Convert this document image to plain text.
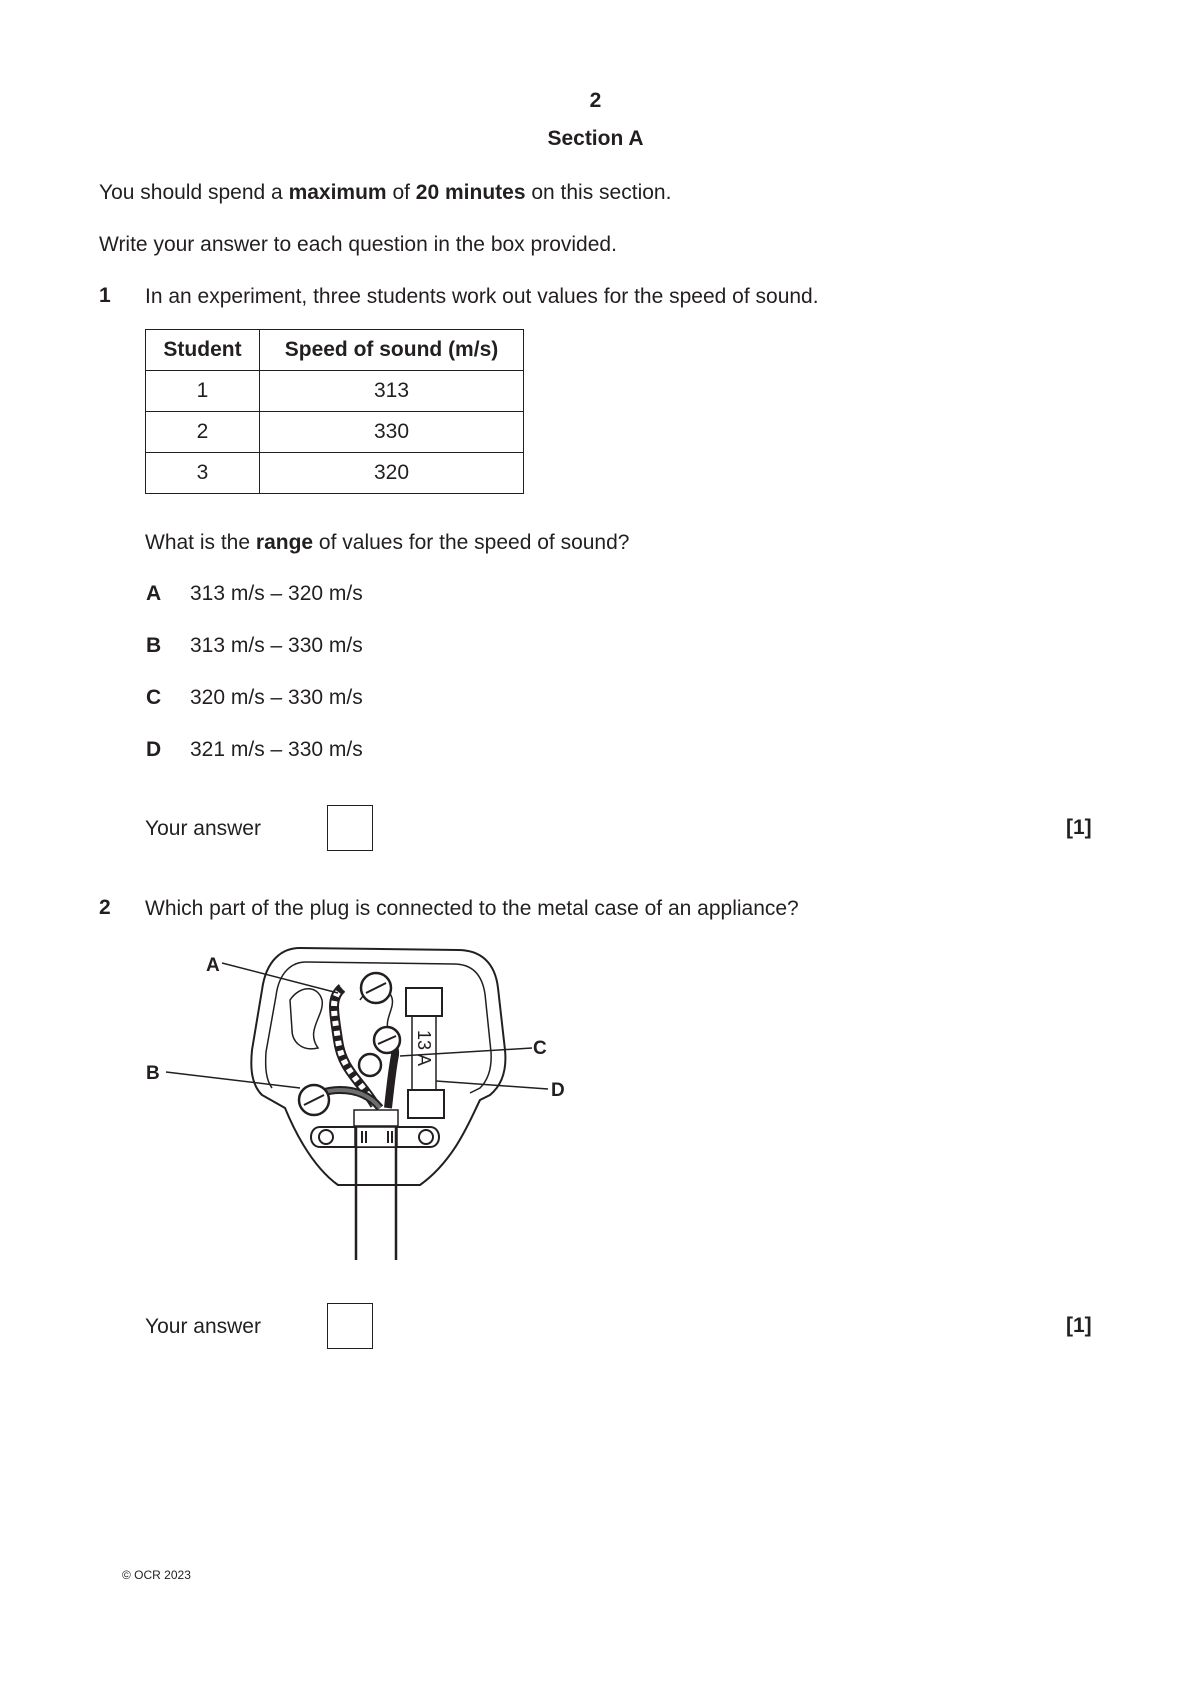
2
Section A
You should spend a maximum of 20 minutes on this section.
Write your answer to each question in the box provided.
1 In an experiment, three students work out values for the speed of sound.
Student	Speed of sound (m/s)
1	313
2	330
3	320
What is the range of values for the speed of sound?
A 313 m/s – 320 m/s
B 313 m/s – 330 m/s
C 320 m/s – 330 m/s
D 321 m/s – 330 m/s
Your answer	[1]
2 Which part of the plug is connected to the metal case of an appliance?
13 A
A
B
C
D
Your answer	[1]
© OCR 2023
